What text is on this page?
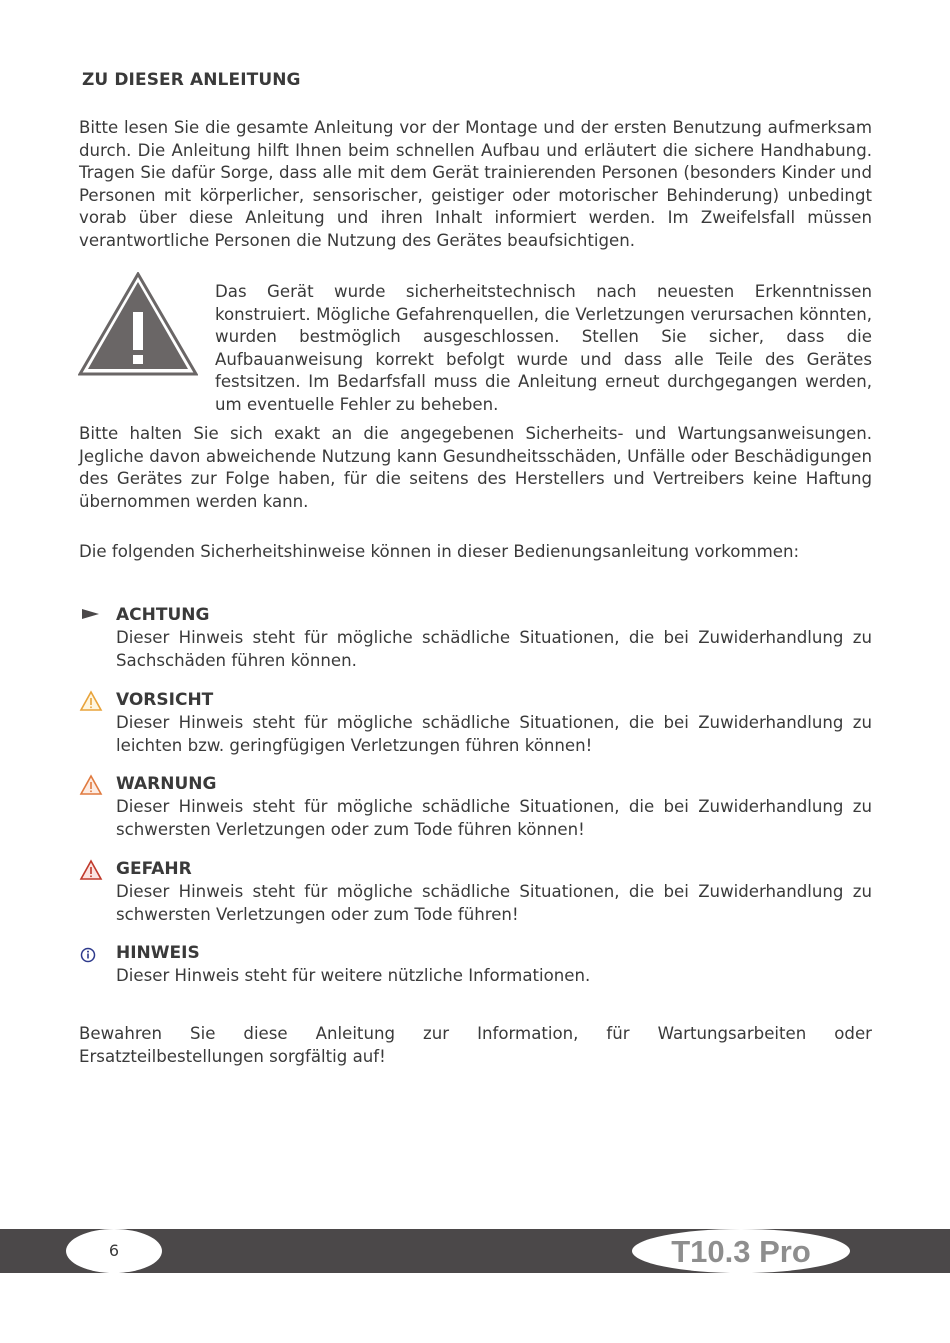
ZU DIESER ANLEITUNG

Bitte lesen Sie die gesamte Anleitung vor der Montage und der ersten Benutzung aufmerksam durch. Die Anleitung hilft Ihnen beim schnellen Aufbau und erläutert die sichere Handhabung. Tragen Sie dafür Sorge, dass alle mit dem Gerät trainierenden Personen (besonders Kinder und Personen mit körperlicher, sensorischer, geistiger oder motorischer Behinderung) unbedingt vorab über diese Anleitung und ihren Inhalt informiert werden. Im Zweifelsfall müssen verantwortliche Personen die Nutzung des Gerätes beaufsichtigen.

Das Gerät wurde sicherheitstechnisch nach neuesten Erkenntnissen konstruiert. Mögliche Gefahrenquellen, die Verletzungen verursachen könnten, wurden bestmöglich ausgeschlossen. Stellen Sie sicher, dass die Aufbauanweisung korrekt befolgt wurde und dass alle Teile des Gerätes festsitzen. Im Bedarfsfall muss die Anleitung erneut durchgegangen werden, um eventuelle Fehler zu beheben.

Bitte halten Sie sich exakt an die angegebenen Sicherheits- und Wartungsanweisungen. Jegliche davon abweichende Nutzung kann Gesundheitsschäden, Unfälle oder Beschädigungen des Gerätes zur Folge haben, für die seitens des Herstellers und Vertreibers keine Haftung übernommen werden kann.

Die folgenden Sicherheitshinweise können in dieser Bedienungsanleitung vorkommen:

ACHTUNG

Dieser Hinweis steht für mögliche schädliche Situationen, die bei Zuwiderhandlung zu Sachschäden führen können.

VORSICHT

Dieser Hinweis steht für mögliche schädliche Situationen, die bei Zuwiderhandlung zu leichten bzw. geringfügigen Verletzungen führen können!

WARNUNG

Dieser Hinweis steht für mögliche schädliche Situationen, die bei Zuwiderhandlung zu schwersten Verletzungen oder zum Tode führen können!

GEFAHR

Dieser Hinweis steht für mögliche schädliche Situationen, die bei Zuwiderhandlung zu schwersten Verletzungen oder zum Tode führen!

HINWEIS

Dieser Hinweis steht für weitere nützliche Informationen.

Bewahren Sie diese Anleitung zur Information, für Wartungsarbeiten oder Ersatzteilbestellungen sorgfältig auf!

6	T10.3 Pro
